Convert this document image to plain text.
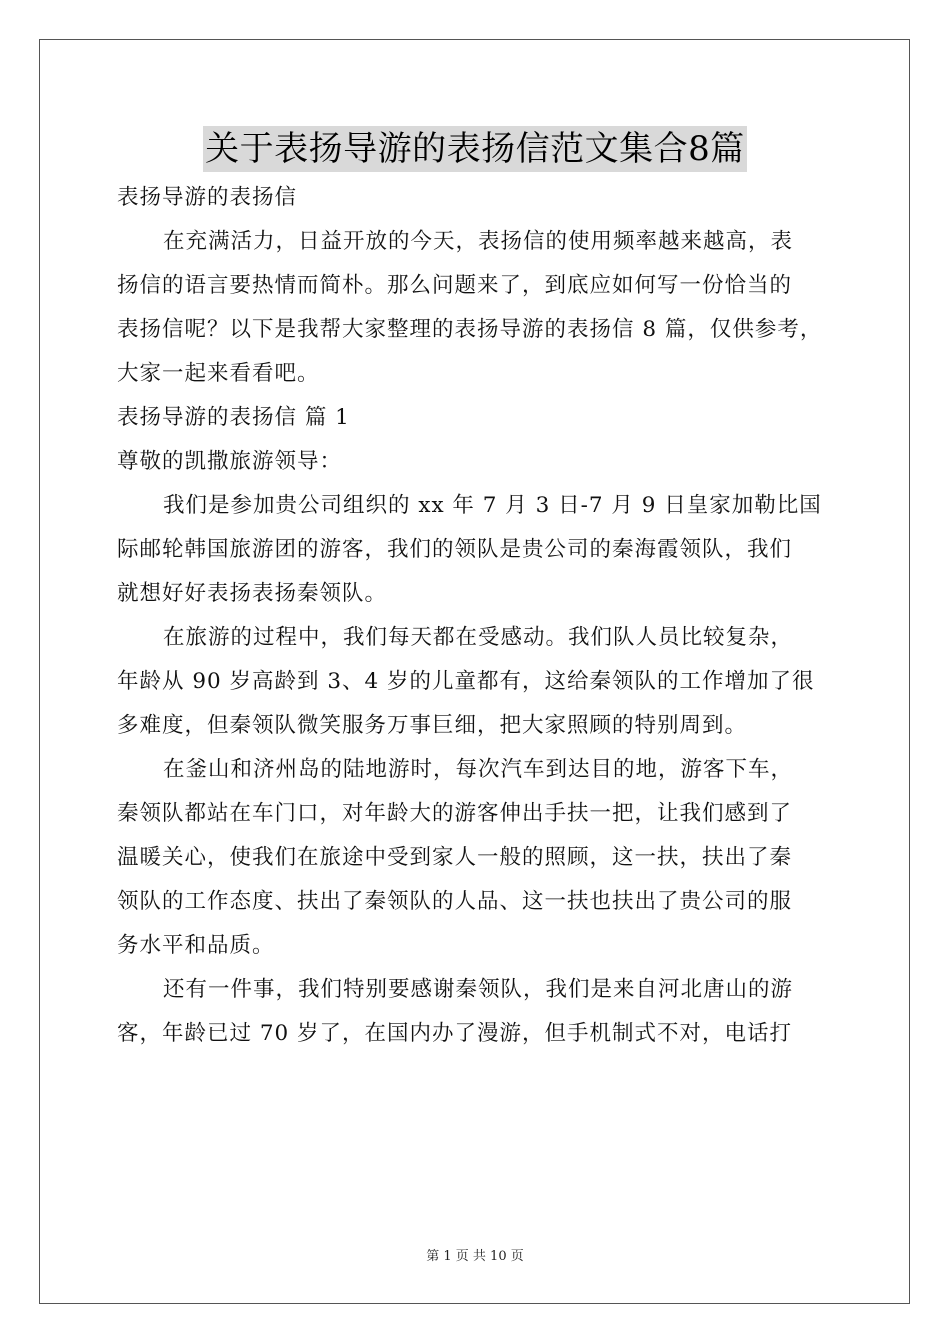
关于表扬导游的表扬信范文集合8篇

表扬导游的表扬信

在充满活力，日益开放的今天，表扬信的使用频率越来越高，表

扬信的语言要热情而简朴。那么问题来了，到底应如何写一份恰当的

表扬信呢？以下是我帮大家整理的表扬导游的表扬信 8 篇，仅供参考，

大家一起来看看吧。

表扬导游的表扬信 篇 1

尊敬的凯撒旅游领导：

我们是参加贵公司组织的 xx 年 7 月 3 日-7 月 9 日皇家加勒比国

际邮轮韩国旅游团的游客，我们的领队是贵公司的秦海霞领队，我们

就想好好表扬表扬秦领队。

在旅游的过程中，我们每天都在受感动。我们队人员比较复杂，

年龄从 90 岁高龄到 3、4 岁的儿童都有，这给秦领队的工作增加了很

多难度，但秦领队微笑服务万事巨细，把大家照顾的特别周到。

在釜山和济州岛的陆地游时，每次汽车到达目的地，游客下车，

秦领队都站在车门口，对年龄大的游客伸出手扶一把，让我们感到了

温暖关心，使我们在旅途中受到家人一般的照顾，这一扶，扶出了秦

领队的工作态度、扶出了秦领队的人品、这一扶也扶出了贵公司的服

务水平和品质。

还有一件事，我们特别要感谢秦领队，我们是来自河北唐山的游

客，年龄已过 70 岁了，在国内办了漫游，但手机制式不对，电话打

第 1 页 共 10 页
